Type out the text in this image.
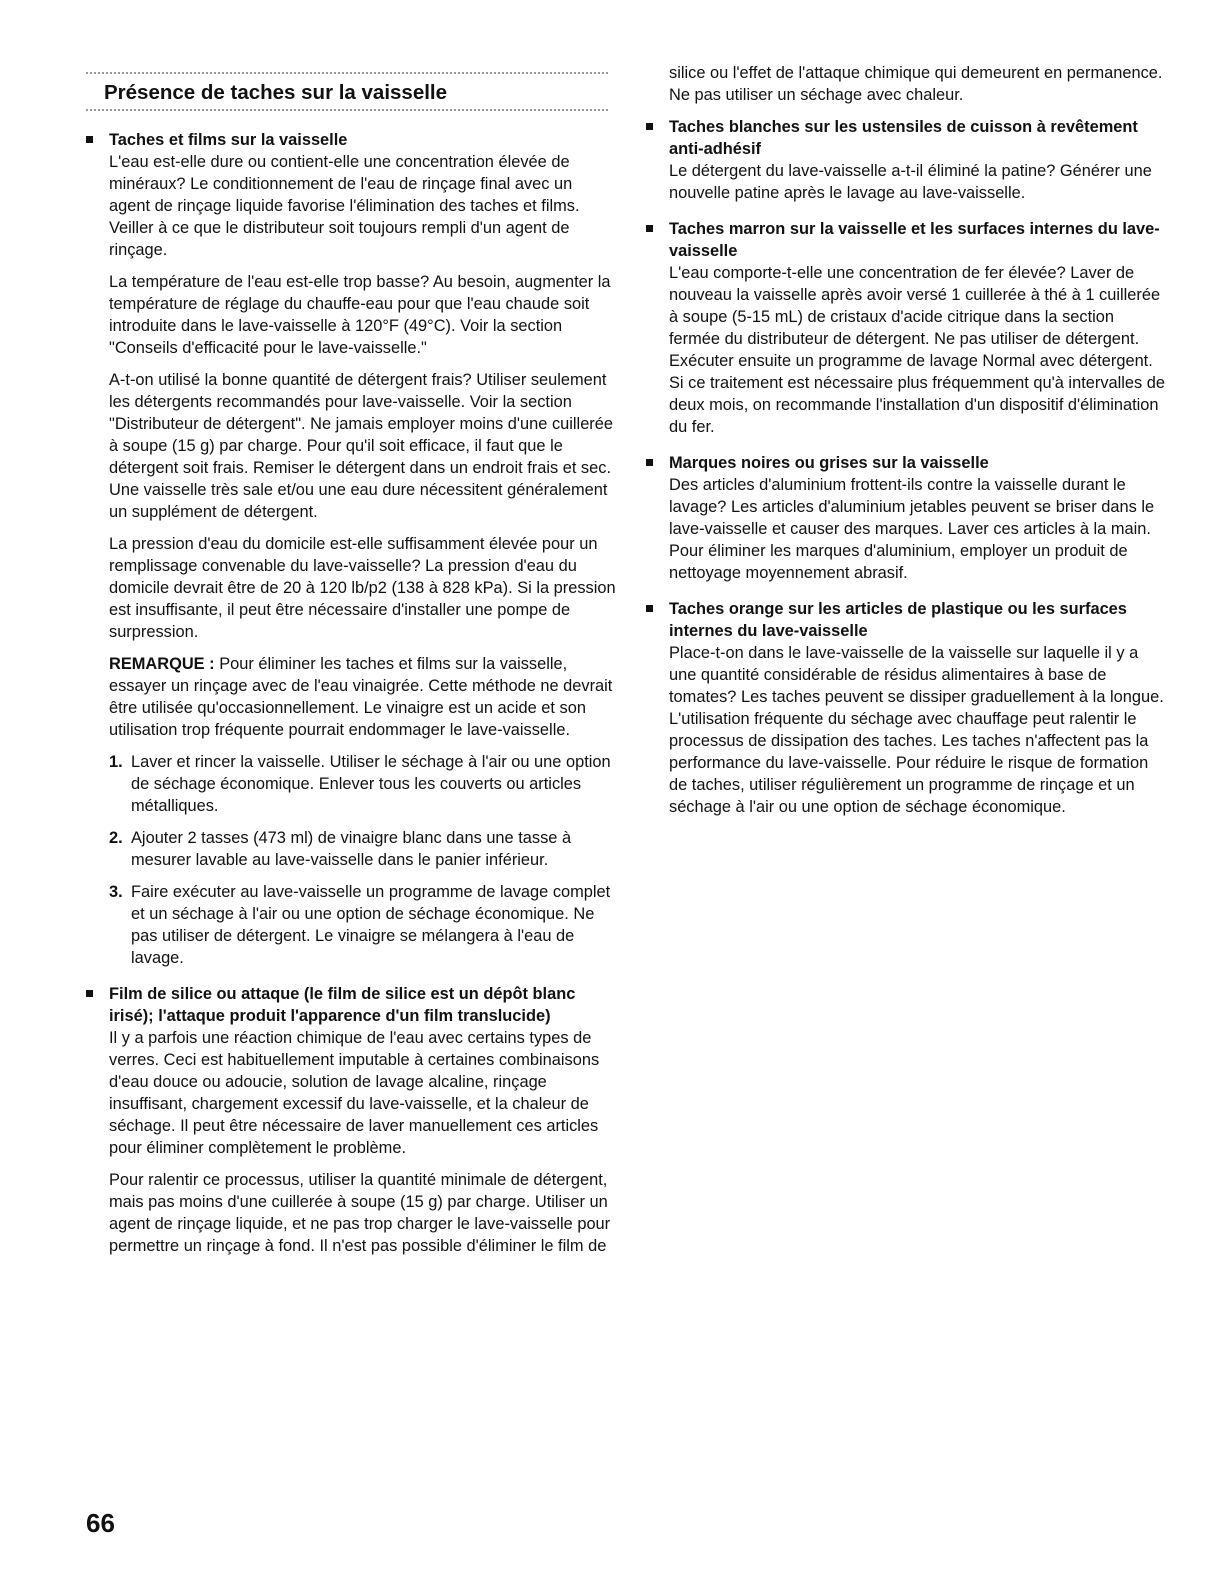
Présence de taches sur la vaisselle
Taches et films sur la vaisselle

L'eau est-elle dure ou contient-elle une concentration élevée de minéraux? Le conditionnement de l'eau de rinçage final avec un agent de rinçage liquide favorise l'élimination des taches et films. Veiller à ce que le distributeur soit toujours rempli d'un agent de rinçage.

La température de l'eau est-elle trop basse? Au besoin, augmenter la température de réglage du chauffe-eau pour que l'eau chaude soit introduite dans le lave-vaisselle à 120°F (49°C). Voir la section "Conseils d'efficacité pour le lave-vaisselle."

A-t-on utilisé la bonne quantité de détergent frais? Utiliser seulement les détergents recommandés pour lave-vaisselle. Voir la section "Distributeur de détergent". Ne jamais employer moins d'une cuillerée à soupe (15 g) par charge. Pour qu'il soit efficace, il faut que le détergent soit frais. Remiser le détergent dans un endroit frais et sec. Une vaisselle très sale et/ou une eau dure nécessitent généralement un supplément de détergent.

La pression d'eau du domicile est-elle suffisamment élevée pour un remplissage convenable du lave-vaisselle? La pression d'eau du domicile devrait être de 20 à 120 lb/p2 (138 à 828 kPa). Si la pression est insuffisante, il peut être nécessaire d'installer une pompe de surpression.

REMARQUE : Pour éliminer les taches et films sur la vaisselle, essayer un rinçage avec de l'eau vinaigrée. Cette méthode ne devrait être utilisée qu'occasionnellement. Le vinaigre est un acide et son utilisation trop fréquente pourrait endommager le lave-vaisselle.

1. Laver et rincer la vaisselle. Utiliser le séchage à l'air ou une option de séchage économique. Enlever tous les couverts ou articles métalliques.
2. Ajouter 2 tasses (473 ml) de vinaigre blanc dans une tasse à mesurer lavable au lave-vaisselle dans le panier inférieur.
3. Faire exécuter au lave-vaisselle un programme de lavage complet et un séchage à l'air ou une option de séchage économique. Ne pas utiliser de détergent. Le vinaigre se mélangera à l'eau de lavage.
Film de silice ou attaque (le film de silice est un dépôt blanc irisé); l'attaque produit l'apparence d'un film translucide)

Il y a parfois une réaction chimique de l'eau avec certains types de verres. Ceci est habituellement imputable à certaines combinaisons d'eau douce ou adoucie, solution de lavage alcaline, rinçage insuffisant, chargement excessif du lave-vaisselle, et la chaleur de séchage. Il peut être nécessaire de laver manuellement ces articles pour éliminer complètement le problème.

Pour ralentir ce processus, utiliser la quantité minimale de détergent, mais pas moins d'une cuillerée à soupe (15 g) par charge. Utiliser un agent de rinçage liquide, et ne pas trop charger le lave-vaisselle pour permettre un rinçage à fond. Il n'est pas possible d'éliminer le film de

silice ou l'effet de l'attaque chimique qui demeurent en permanence. Ne pas utiliser un séchage avec chaleur.

Taches blanches sur les ustensiles de cuisson à revêtement anti-adhésif

Le détergent du lave-vaisselle a-t-il éliminé la patine? Générer une nouvelle patine après le lavage au lave-vaisselle.

Taches marron sur la vaisselle et les surfaces internes du lave-vaisselle

L'eau comporte-t-elle une concentration de fer élevée? Laver de nouveau la vaisselle après avoir versé 1 cuillerée à thé à 1 cuillerée à soupe (5-15 mL) de cristaux d'acide citrique dans la section fermée du distributeur de détergent. Ne pas utiliser de détergent. Exécuter ensuite un programme de lavage Normal avec détergent. Si ce traitement est nécessaire plus fréquemment qu'à intervalles de deux mois, on recommande l'installation d'un dispositif d'élimination du fer.

Marques noires ou grises sur la vaisselle

Des articles d'aluminium frottent-ils contre la vaisselle durant le lavage? Les articles d'aluminium jetables peuvent se briser dans le lave-vaisselle et causer des marques. Laver ces articles à la main. Pour éliminer les marques d'aluminium, employer un produit de nettoyage moyennement abrasif.

Taches orange sur les articles de plastique ou les surfaces internes du lave-vaisselle

Place-t-on dans le lave-vaisselle de la vaisselle sur laquelle il y a une quantité considérable de résidus alimentaires à base de tomates? Les taches peuvent se dissiper graduellement à la longue. L'utilisation fréquente du séchage avec chauffage peut ralentir le processus de dissipation des taches. Les taches n'affectent pas la performance du lave-vaisselle. Pour réduire le risque de formation de taches, utiliser régulièrement un programme de rinçage et un séchage à l'air ou une option de séchage économique.

66
